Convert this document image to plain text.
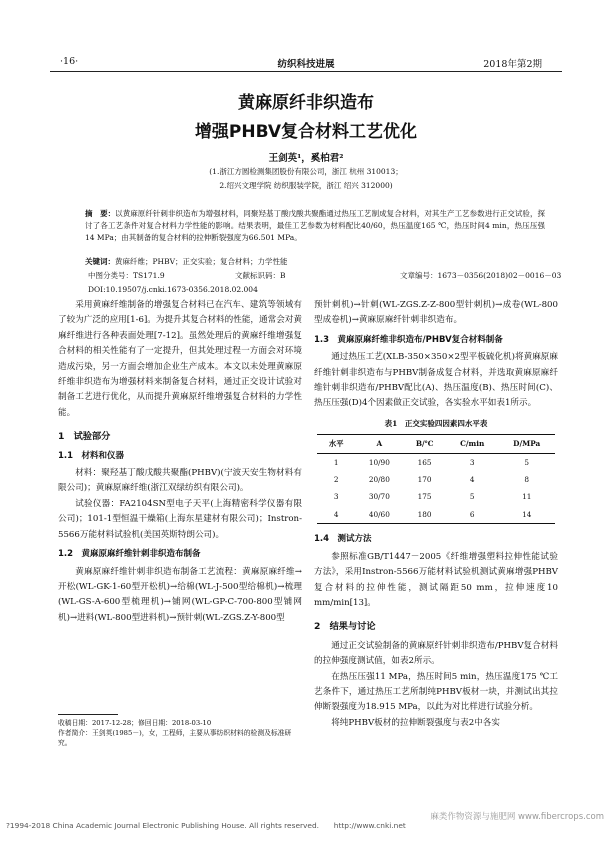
·16·	纺织科技进展	2018年第2期
黄麻原纤非织造布
增强PHBV复合材料工艺优化
王剑英¹，奚柏君²
(1.浙江方圆检测集团股份有限公司，浙江 杭州 310013；
2.绍兴文理学院 纺织服装学院，浙江 绍兴 312000)
摘　要：以黄麻原纤针刺非织造布为增强材料，同聚羟基丁酸戊酸共聚酯通过热压工艺制成复合材料，对其生产工艺参数进行正交试验，探讨了各工艺条件对复合材料力学性能的影响。结果表明，最佳工艺参数为材料配比40/60，热压温度165 ℃，热压时间4 min，热压压强14 MPa；由其制备的复合材料的拉伸断裂强度为66.501 MPa。
关键词：黄麻纤维；PHBV；正交实验；复合材料；力学性能
中图分类号：TS171.9	文献标识码：B	文章编号：1673－0356(2018)02－0016－03
DOI:10.19507/j.cnki.1673-0356.2018.02.004

采用黄麻纤维制备的增强复合材料已在汽车、建筑等领域有了较为广泛的应用[1-6]。为提升其复合材料的性能，通常会对黄麻纤维进行各种表面处理[7-12]。虽然处理后的黄麻纤维增强复合材料的相关性能有了一定提升，但其处理过程一方面会对环境造成污染，另一方面会增加企业生产成本。本文以未处理黄麻原纤维非织造布为增强材料来制备复合材料，通过正交设计试验对制备工艺进行优化，从而提升黄麻原纤维增强复合材料的力学性能。

1　试验部分
1.1　材料和仪器

材料：聚羟基丁酸戊酸共聚酯(PHBV)(宁波天安生物材料有限公司)；黄麻原麻纤维(浙江双绿纺织有限公司)。

试验仪器：FA2104SN型电子天平(上海精密科学仪器有限公司)；101-1型恒温干燥箱(上海东星建材有限公司)；Instron-5566万能材料试验机(美国英斯特朗公司)。

1.2　黄麻原麻纤维针刺非织造布制备

黄麻原麻纤维针刺非织造布制备工艺流程：黄麻原麻纤维→开松(WL-GK-1-60型开松机)→给棉(WL-J-500型给棉机)→梳理(WL-GS-A-600型梳理机)→铺网(WL-GP-C-700-800型铺网机)→进料(WL-800型进料机)→预针刺(WL-ZGS.Z-Y-800型

收稿日期：2017-12-28；修回日期：2018-03-10
作者简介：王剑英(1985－)，女，工程师，主要从事纺织材料的检测及标准研究。

预针刺机)→针刺(WL-ZGS.Z-Z-800型针刺机)→成卷(WL-800型成卷机)→黄麻原麻纤针刺非织造布。

1.3　黄麻原麻纤维非织造布/PHBV复合材料制备

通过热压工艺(XLB-350×350×2型平板硫化机)将黄麻原麻纤维针刺非织造布与PHBV制备成复合材料，并选取黄麻原麻纤维针刺非织造布/PHBV配比(A)、热压温度(B)、热压时间(C)、热压压强(D)4个因素做正交试验，各实验水平如表1所示。

表1　正交实验四因素四水平表
水平	A	B/℃	C/min	D/MPa
1	10/90	165	3	5
2	20/80	170	4	8
3	30/70	175	5	11
4	40/60	180	6	14
1.4　测试方法

参照标准GB/T1447－2005《纤维增强塑料拉伸性能试验方法》，采用Instron-5566万能材料试验机测试黄麻增强PHBV复合材料的拉伸性能，测试隔距50 mm，拉伸速度10 mm/min[13]。

2　结果与讨论

通过正交试验制备的黄麻原纤针刺非织造布/PHBV复合材料的拉伸强度测试值，如表2所示。

在热压压强11 MPa，热压时间5 min，热压温度175 ℃工艺条件下，通过热压工艺所制纯PHBV板材一块，并测试出其拉伸断裂强度为18.915 MPa，以此为对比样进行试验分析。

将纯PHBV板材的拉伸断裂强度与表2中各实

?1994-2018 China Academic Journal Electronic Publishing House. All rights reserved.　　http://www.cnki.net
麻类作物资源与施肥网 www.fibercrops.com
